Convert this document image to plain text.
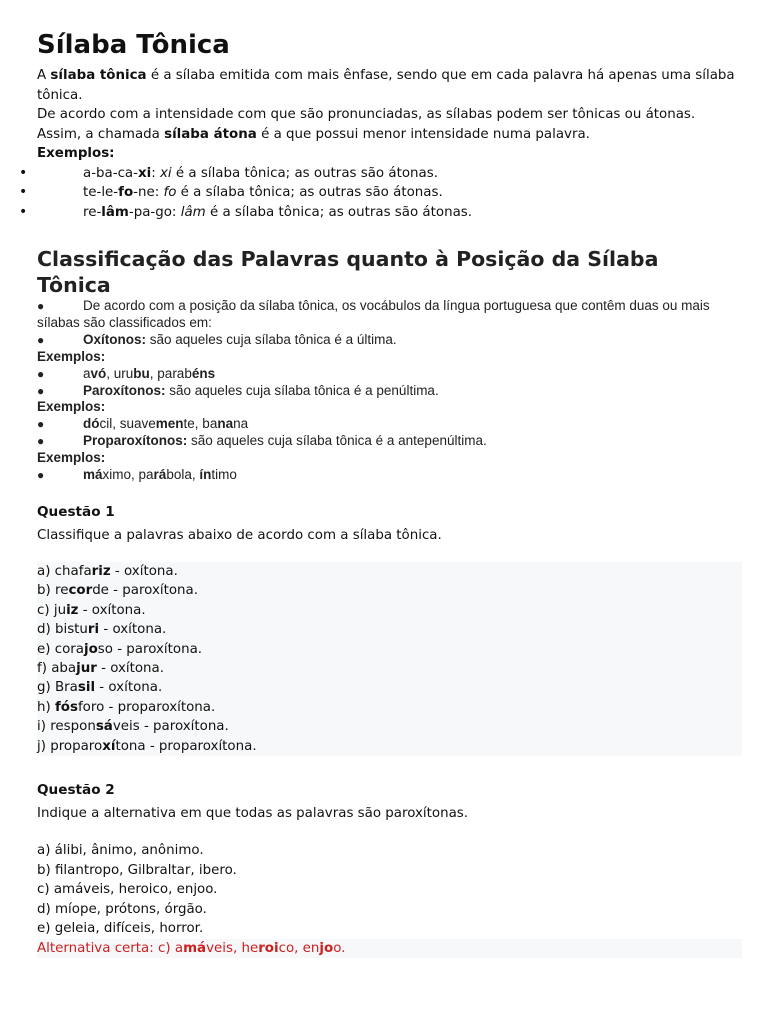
Sílaba Tônica

A sílaba tônica é a sílaba emitida com mais ênfase, sendo que em cada palavra há apenas uma sílaba tônica.

De acordo com a intensidade com que são pronunciadas, as sílabas podem ser tônicas ou átonas.

Assim, a chamada sílaba átona é a que possui menor intensidade numa palavra.

Exemplos:
• a-ba-ca-xi: xi é a sílaba tônica; as outras são átonas.
• te-le-fo-ne: fo é a sílaba tônica; as outras são átonas.
• re-lâm-pa-go: lâm é a sílaba tônica; as outras são átonas.
Classificação das Palavras quanto à Posição da Sílaba Tônica
●	De acordo com a posição da sílaba tônica, os vocábulos da língua portuguesa que contêm duas ou mais sílabas são classificados em:
●	Oxítonos: são aqueles cuja sílaba tônica é a última.
Exemplos:
●	avó, urubu, parabéns
●	Paroxítonos: são aqueles cuja sílaba tônica é a penúltima.
Exemplos:
●	dócil, suavemente, banana
●	Proparoxítonos: são aqueles cuja sílaba tônica é a antepenúltima.
Exemplos:
●	máximo, parábola, íntimo
Questão 1
Classifique a palavras abaixo de acordo com a sílaba tônica.
a) chafariz - oxítona.
b) recorde - paroxítona.
c) juiz - oxítona.
d) bisturi - oxítona.
e) corajoso - paroxítona.
f) abajur - oxítona.
g) Brasil - oxítona.
h) fósforo - proparoxítona.
i) responsáveis - paroxítona.
j) proparoxítona - proparoxítona.
Questão 2
Indique a alternativa em que todas as palavras são paroxítonas.
a) álibi, ânimo, anônimo.
b) filantropo, Gilbraltar, ibero.
c) amáveis, heroico, enjoo.
d) míope, prótons, órgão.
e) geleia, difíceis, horror.
Alternativa certa: c) amáveis, heroico, enjoo.
